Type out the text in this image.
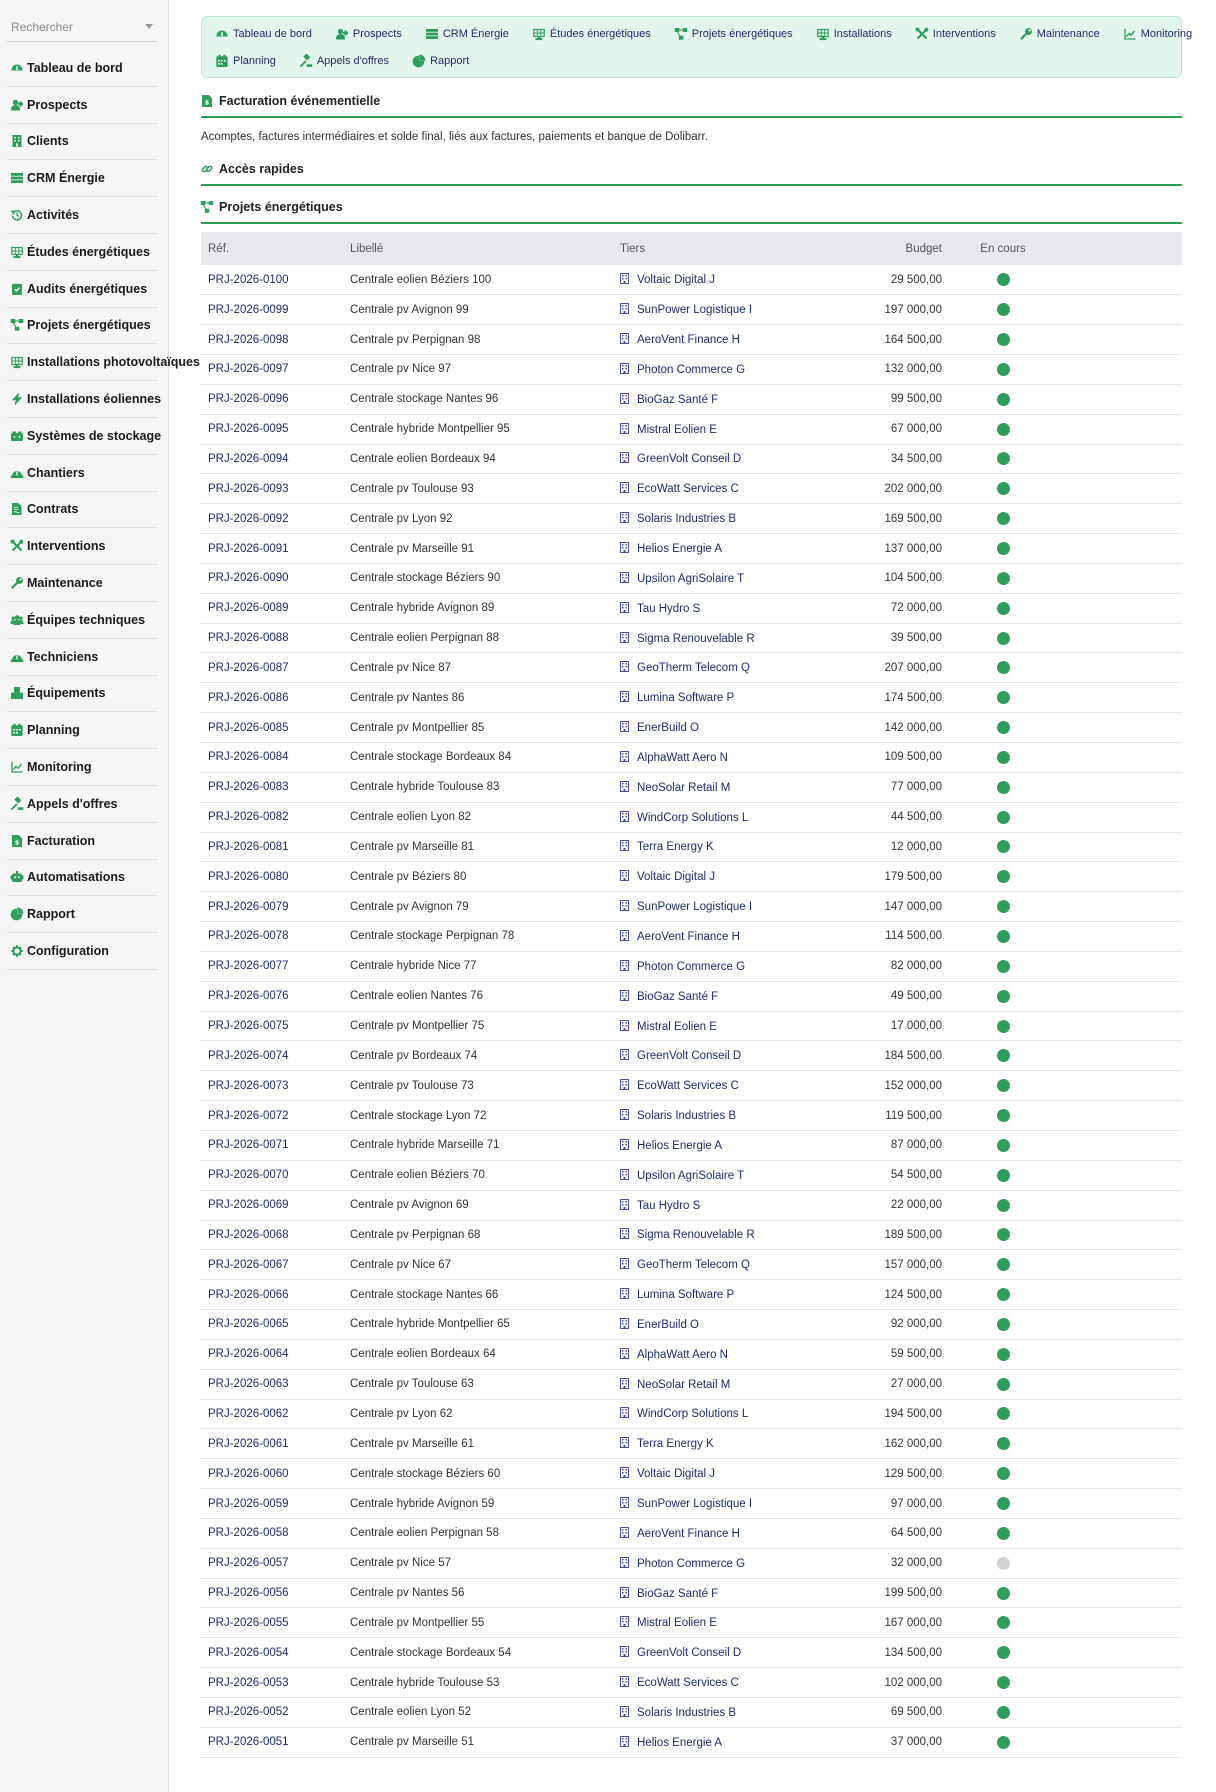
Rechercher
Tableau de bord
Prospects
Clients
CRM Énergie
Activités
Études énergétiques
Audits énergétiques
Projets énergétiques
Installations photovoltaïques
Installations éoliennes
Systèmes de stockage
Chantiers
Contrats
Interventions
Maintenance
Équipes techniques
Techniciens
Équipements
Planning
Monitoring
Appels d'offres
$ Facturation
Automatisations
Rapport
Configuration
Tableau de bord	Prospects	CRM Énergie	Études énergétiques	Projets énergétiques	Installations	Interventions	Maintenance	Monitoring
Planning	Appels d'offres	Rapport
$ Facturation événementielle
Acomptes, factures intermédiaires et solde final, liés aux factures, paiements et banque de Dolibarr.
Accès rapides
Projets énergétiques
Réf.	Libellé	Tiers	Budget	En cours	
PRJ-2026-0100	Centrale eolien Béziers 100	Voltaic Digital J	29 500,00		
PRJ-2026-0099	Centrale pv Avignon 99	SunPower Logistique I	197 000,00		
PRJ-2026-0098	Centrale pv Perpignan 98	AeroVent Finance H	164 500,00		
PRJ-2026-0097	Centrale pv Nice 97	Photon Commerce G	132 000,00		
PRJ-2026-0096	Centrale stockage Nantes 96	BioGaz Santé F	99 500,00		
PRJ-2026-0095	Centrale hybride Montpellier 95	Mistral Eolien E	67 000,00		
PRJ-2026-0094	Centrale eolien Bordeaux 94	GreenVolt Conseil D	34 500,00		
PRJ-2026-0093	Centrale pv Toulouse 93	EcoWatt Services C	202 000,00		
PRJ-2026-0092	Centrale pv Lyon 92	Solaris Industries B	169 500,00		
PRJ-2026-0091	Centrale pv Marseille 91	Helios Energie A	137 000,00		
PRJ-2026-0090	Centrale stockage Béziers 90	Upsilon AgriSolaire T	104 500,00		
PRJ-2026-0089	Centrale hybride Avignon 89	Tau Hydro S	72 000,00		
PRJ-2026-0088	Centrale eolien Perpignan 88	Sigma Renouvelable R	39 500,00		
PRJ-2026-0087	Centrale pv Nice 87	GeoTherm Telecom Q	207 000,00		
PRJ-2026-0086	Centrale pv Nantes 86	Lumina Software P	174 500,00		
PRJ-2026-0085	Centrale pv Montpellier 85	EnerBuild O	142 000,00		
PRJ-2026-0084	Centrale stockage Bordeaux 84	AlphaWatt Aero N	109 500,00		
PRJ-2026-0083	Centrale hybride Toulouse 83	NeoSolar Retail M	77 000,00		
PRJ-2026-0082	Centrale eolien Lyon 82	WindCorp Solutions L	44 500,00		
PRJ-2026-0081	Centrale pv Marseille 81	Terra Energy K	12 000,00		
PRJ-2026-0080	Centrale pv Béziers 80	Voltaic Digital J	179 500,00		
PRJ-2026-0079	Centrale pv Avignon 79	SunPower Logistique I	147 000,00		
PRJ-2026-0078	Centrale stockage Perpignan 78	AeroVent Finance H	114 500,00		
PRJ-2026-0077	Centrale hybride Nice 77	Photon Commerce G	82 000,00		
PRJ-2026-0076	Centrale eolien Nantes 76	BioGaz Santé F	49 500,00		
PRJ-2026-0075	Centrale pv Montpellier 75	Mistral Eolien E	17 000,00		
PRJ-2026-0074	Centrale pv Bordeaux 74	GreenVolt Conseil D	184 500,00		
PRJ-2026-0073	Centrale pv Toulouse 73	EcoWatt Services C	152 000,00		
PRJ-2026-0072	Centrale stockage Lyon 72	Solaris Industries B	119 500,00		
PRJ-2026-0071	Centrale hybride Marseille 71	Helios Energie A	87 000,00		
PRJ-2026-0070	Centrale eolien Béziers 70	Upsilon AgriSolaire T	54 500,00		
PRJ-2026-0069	Centrale pv Avignon 69	Tau Hydro S	22 000,00		
PRJ-2026-0068	Centrale pv Perpignan 68	Sigma Renouvelable R	189 500,00		
PRJ-2026-0067	Centrale pv Nice 67	GeoTherm Telecom Q	157 000,00		
PRJ-2026-0066	Centrale stockage Nantes 66	Lumina Software P	124 500,00		
PRJ-2026-0065	Centrale hybride Montpellier 65	EnerBuild O	92 000,00		
PRJ-2026-0064	Centrale eolien Bordeaux 64	AlphaWatt Aero N	59 500,00		
PRJ-2026-0063	Centrale pv Toulouse 63	NeoSolar Retail M	27 000,00		
PRJ-2026-0062	Centrale pv Lyon 62	WindCorp Solutions L	194 500,00		
PRJ-2026-0061	Centrale pv Marseille 61	Terra Energy K	162 000,00		
PRJ-2026-0060	Centrale stockage Béziers 60	Voltaic Digital J	129 500,00		
PRJ-2026-0059	Centrale hybride Avignon 59	SunPower Logistique I	97 000,00		
PRJ-2026-0058	Centrale eolien Perpignan 58	AeroVent Finance H	64 500,00		
PRJ-2026-0057	Centrale pv Nice 57	Photon Commerce G	32 000,00		
PRJ-2026-0056	Centrale pv Nantes 56	BioGaz Santé F	199 500,00		
PRJ-2026-0055	Centrale pv Montpellier 55	Mistral Eolien E	167 000,00		
PRJ-2026-0054	Centrale stockage Bordeaux 54	GreenVolt Conseil D	134 500,00		
PRJ-2026-0053	Centrale hybride Toulouse 53	EcoWatt Services C	102 000,00		
PRJ-2026-0052	Centrale eolien Lyon 52	Solaris Industries B	69 500,00		
PRJ-2026-0051	Centrale pv Marseille 51	Helios Energie A	37 000,00		
